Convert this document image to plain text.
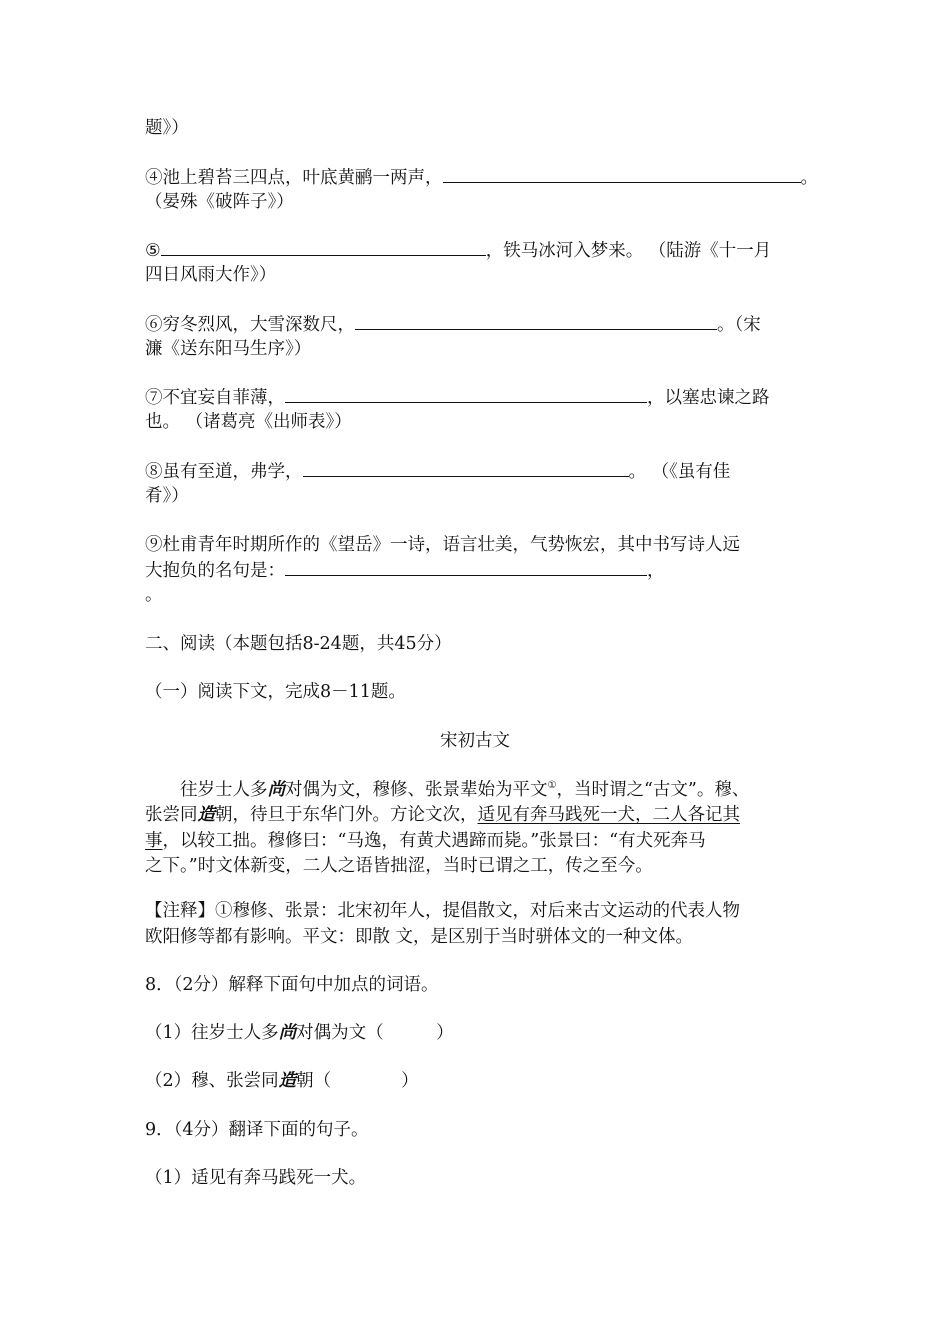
题》）
④池上碧苔三四点，叶底黄鹂一两声，	。
（晏殊《破阵子》）
⑤	，铁马冰河入梦来。 （陆游《十一月
四日风雨大作》）
⑥穷冬烈风，大雪深数尺，	。（宋
濂《送东阳马生序》）
⑦不宜妄自菲薄，	，以塞忠谏之路
也。 （诸葛亮《出师表》）
⑧虽有至道，弗学，	。 （《虽有佳
肴》）
⑨杜甫青年时期所作的《望岳》一诗，语言壮美，气势恢宏，其中书写诗人远
大抱负的名句是：	，
。
二、阅读（本题包括8-24题，共45分）
（一）阅读下文，完成8－11题。
宋初古文
往岁士人多尚对偶为文，穆修、张景辈始为平文①，当时谓之“古文”。穆、
张尝同造朝，待旦于东华门外。方论文次，适见有奔马践死一犬，二人各记其
事，以较工拙。穆修曰：“马逸，有黄犬遇蹄而毙。”张景曰：“有犬死奔马
之下。”时文体新变，二人之语皆拙涩，当时已谓之工，传之至今。
【注释】①穆修、张景：北宋初年人，提倡散文，对后来古文运动的代表人物
欧阳修等都有影响。平文：即散 文，是区别于当时骈体文的一种文体。
8．（2分）解释下面句中加点的词语。
（1）往岁士人多尚对偶为文（　　　）
（2）穆、张尝同造朝（　　　　）
9．（4分）翻译下面的句子。
（1）适见有奔马践死一犬。
